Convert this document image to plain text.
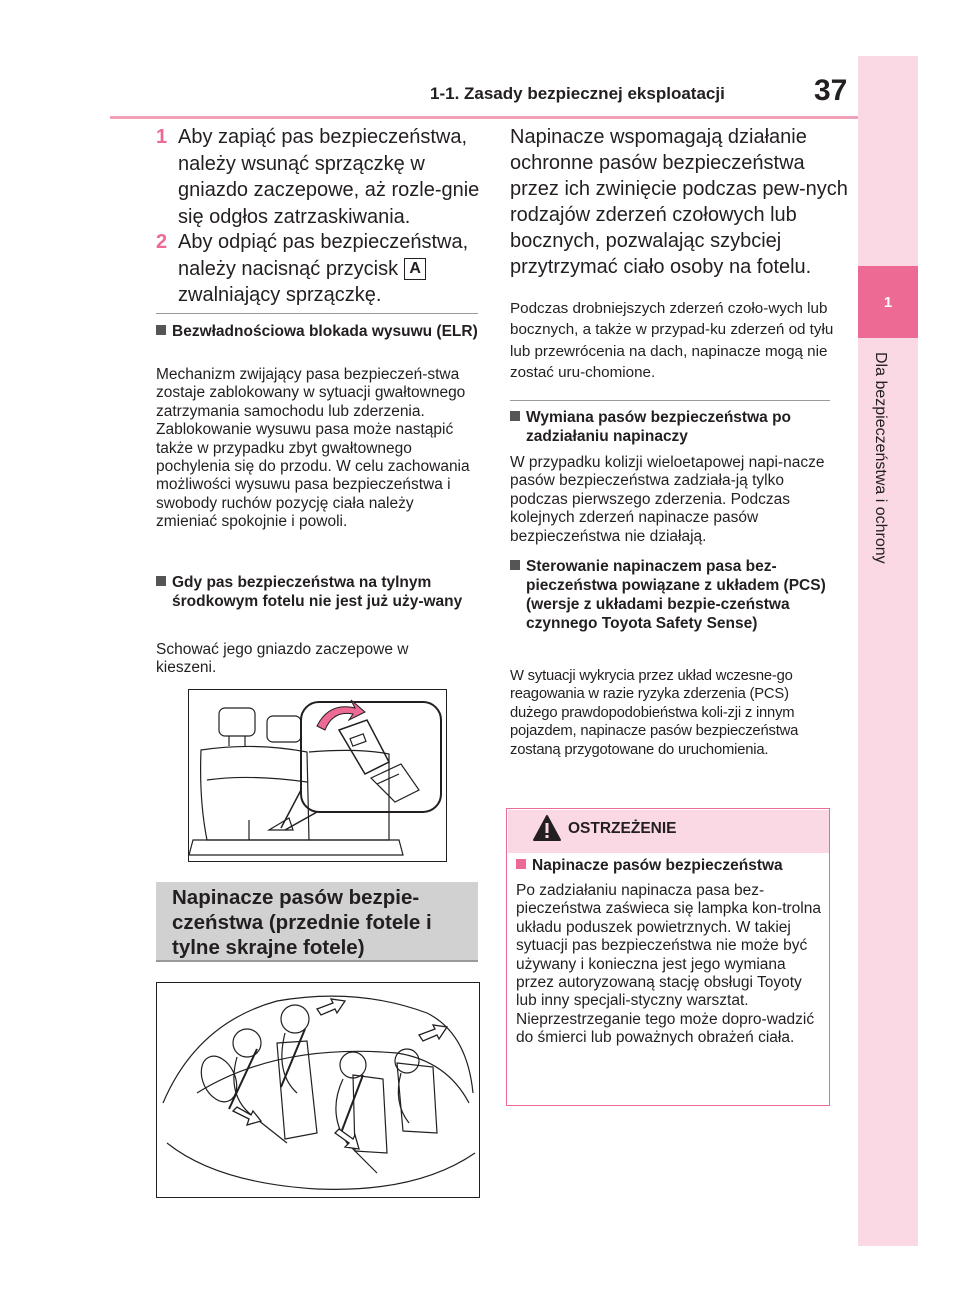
1-1. Zasady bezpiecznej eksploatacji	37
1
Dla bezpieczeństwa i ochrony
1 Aby zapiąć pas bezpieczeństwa, należy wsunąć sprzączkę w gniazdo zaczepowe, aż rozle-gnie się odgłos zatrzaskiwania.
2 Aby odpiąć pas bezpieczeństwa, należy nacisnąć przycisk A
zwalniający sprzączkę.
Bezwładnościowa blokada wysuwu (ELR)
Mechanizm zwijający pasa bezpieczeń-stwa zostaje zablokowany w sytuacji gwałtownego zatrzymania samochodu lub zderzenia. Zablokowanie wysuwu pasa może nastąpić także w przypadku zbyt gwałtownego pochylenia się do przodu. W celu zachowania możliwości wysuwu pasa bezpieczeństwa i swobody ruchów pozycję ciała należy zmieniać spokojnie i powoli.
Gdy pas bezpieczeństwa na tylnym środkowym fotelu nie jest już uży-wany
Schować jego gniazdo zaczepowe w kieszeni.
Napinacze pasów bezpie-czeństwa (przednie fotele i tylne skrajne fotele)
Napinacze wspomagają działanie ochronne pasów bezpieczeństwa przez ich zwinięcie podczas pew-nych rodzajów zderzeń czołowych lub bocznych, pozwalając szybciej przytrzymać ciało osoby na fotelu.
Podczas drobniejszych zderzeń czoło-wych lub bocznych, a także w przypad-ku zderzeń od tyłu lub przewrócenia na dach, napinacze mogą nie zostać uru-chomione.
Wymiana pasów bezpieczeństwa po zadziałaniu napinaczy
W przypadku kolizji wieloetapowej napi-nacze pasów bezpieczeństwa zadziała-ją tylko podczas pierwszego zderzenia. Podczas kolejnych zderzeń napinacze pasów bezpieczeństwa nie działają.
Sterowanie napinaczem pasa bez-pieczeństwa powiązane z układem (PCS) (wersje z układami bezpie-czeństwa czynnego Toyota Safety Sense)
W sytuacji wykrycia przez układ wczesne-go reagowania w razie ryzyka zderzenia (PCS) dużego prawdopodobieństwa koli-zji z innym pojazdem, napinacze pasów bezpieczeństwa zostaną przygotowane do uruchomienia.
OSTRZEŻENIE
Napinacze pasów bezpieczeństwa
Po zadziałaniu napinacza pasa bez-pieczeństwa zaświeca się lampka kon-trolna układu poduszek powietrznych. W takiej sytuacji pas bezpieczeństwa nie może być używany i konieczna jest jego wymiana przez autoryzowaną stację obsługi Toyoty lub inny specjali-styczny warsztat. Nieprzestrzeganie tego może dopro-wadzić do śmierci lub poważnych obrażeń ciała.
